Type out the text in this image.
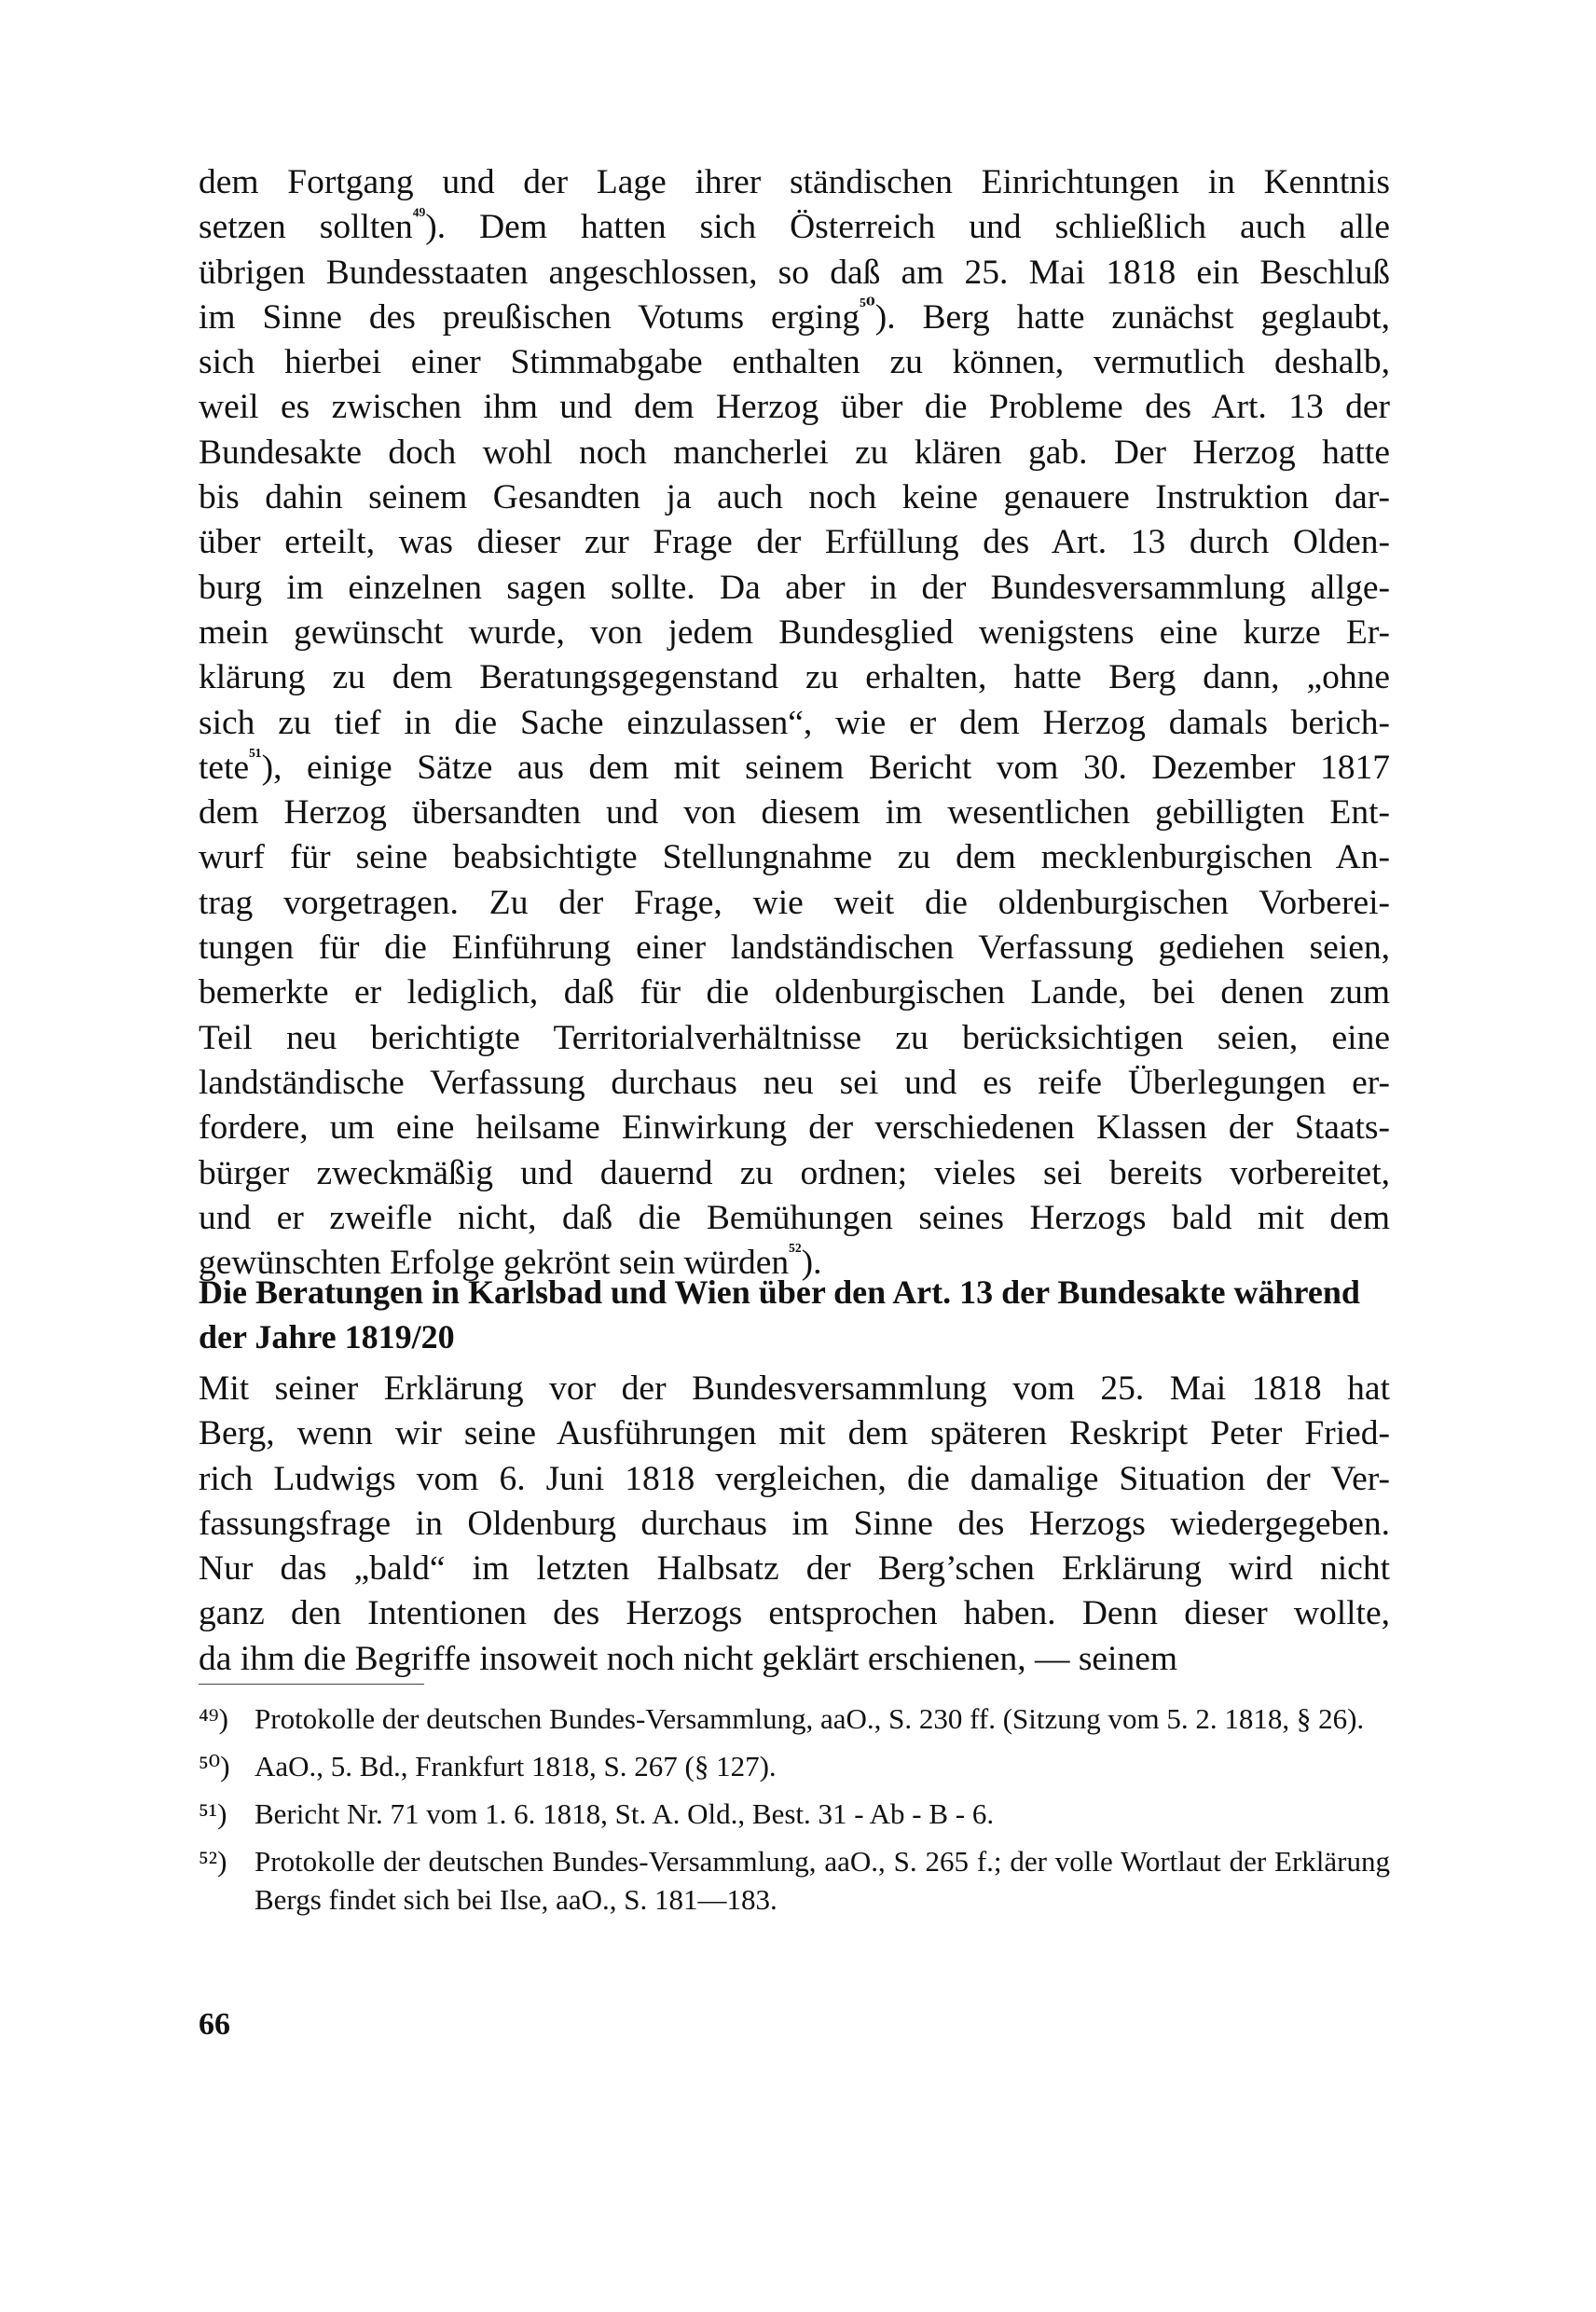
dem Fortgang und der Lage ihrer ständischen Einrichtungen in Kenntnis
setzen sollten$^{^{49}}$). Dem hatten sich Österreich und schließlich auch alle
übrigen Bundesstaaten angeschlossen, so daß am 25. Mai 1818 ein Beschluß
im Sinne des preußischen Votums erging$^{^{50}}$). Berg hatte zunächst geglaubt,
sich hierbei einer Stimmabgabe enthalten zu können, vermutlich deshalb,
weil es zwischen ihm und dem Herzog über die Probleme des Art. 13 der
Bundesakte doch wohl noch mancherlei zu klären gab. Der Herzog hatte
bis dahin seinem Gesandten ja auch noch keine genauere Instruktion dar-
über erteilt, was dieser zur Frage der Erfüllung des Art. 13 durch Olden-
burg im einzelnen sagen sollte. Da aber in der Bundesversammlung allge-
mein gewünscht wurde, von jedem Bundesglied wenigstens eine kurze Er-
klärung zu dem Beratungsgegenstand zu erhalten, hatte Berg dann, „ohne
sich zu tief in die Sache einzulassen“, wie er dem Herzog damals berich-
tete$^{^{51}}$), einige Sätze aus dem mit seinem Bericht vom 30. Dezember 1817
dem Herzog übersandten und von diesem im wesentlichen gebilligten Ent-
wurf für seine beabsichtigte Stellungnahme zu dem mecklenburgischen An-
trag vorgetragen. Zu der Frage, wie weit die oldenburgischen Vorberei-
tungen für die Einführung einer landständischen Verfassung gediehen seien,
bemerkte er lediglich, daß für die oldenburgischen Lande, bei denen zum
Teil neu berichtigte Territorialverhältnisse zu berücksichtigen seien, eine
landständische Verfassung durchaus neu sei und es reife Überlegungen er-
fordere, um eine heilsame Einwirkung der verschiedenen Klassen der Staats-
bürger zweckmäßig und dauernd zu ordnen; vieles sei bereits vorbereitet,
und er zweifle nicht, daß die Bemühungen seines Herzogs bald mit dem
gewünschten Erfolge gekrönt sein würden$^{^{52}}$).

Die Beratungen in Karlsbad und Wien über den Art. 13 der Bundesakte während der Jahre 1819/20

Mit seiner Erklärung vor der Bundesversammlung vom 25. Mai 1818 hat
Berg, wenn wir seine Ausführungen mit dem späteren Reskript Peter Fried-
rich Ludwigs vom 6. Juni 1818 vergleichen, die damalige Situation der Ver-
fassungsfrage in Oldenburg durchaus im Sinne des Herzogs wiedergegeben.
Nur das „bald“ im letzten Halbsatz der Berg’schen Erklärung wird nicht
ganz den Intentionen des Herzogs entsprochen haben. Denn dieser wollte,
da ihm die Begriffe insoweit noch nicht geklärt erschienen, — seinem

⁴⁹) Protokolle der deutschen Bundes-Versammlung, aaO., S. 230 ff. (Sitzung vom 5. 2. 1818, § 26).

⁵⁰) AaO., 5. Bd., Frankfurt 1818, S. 267 (§ 127).

⁵¹) Bericht Nr. 71 vom 1. 6. 1818, St. A. Old., Best. 31 - Ab - B - 6.

⁵²) Protokolle der deutschen Bundes-Versammlung, aaO., S. 265 f.; der volle Wortlaut der Erklärung Bergs findet sich bei Ilse, aaO., S. 181—183.

66
